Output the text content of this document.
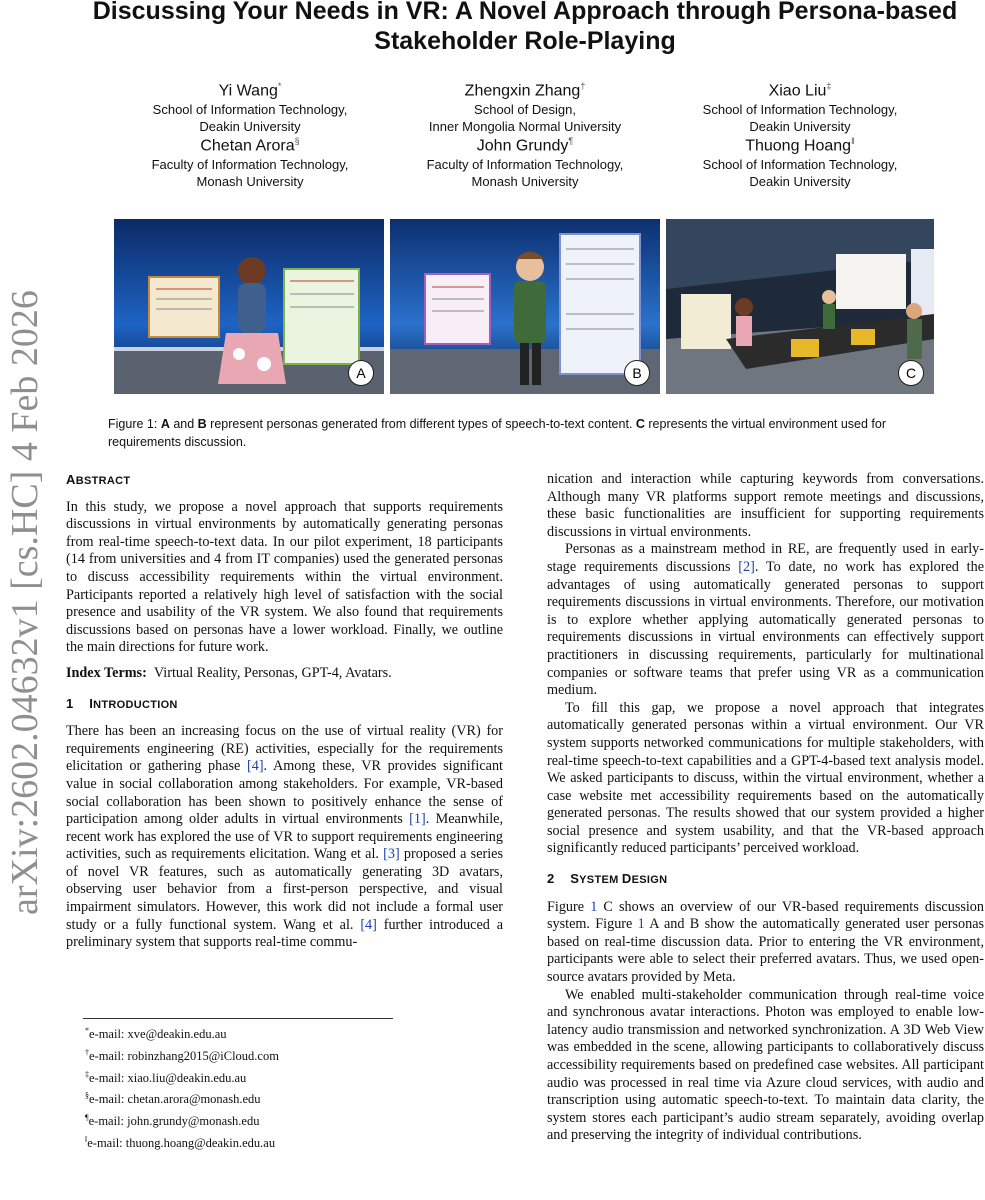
arXiv:2602.04632v1 [cs.HC] 4 Feb 2026
Discussing Your Needs in VR: A Novel Approach through Persona-based
Stakeholder Role-Playing
Yi Wang*
School of Information Technology,
Deakin University
Zhengxin Zhang†
School of Design,
Inner Mongolia Normal University
Xiao Liu‡
School of Information Technology,
Deakin University
Chetan Arora§
Faculty of Information Technology,
Monash University
John Grundy¶
Faculty of Information Technology,
Monash University
Thuong Hoang‖
School of Information Technology,
Deakin University
A	B	C
Figure 1: A and B represent personas generated from different types of speech-to-text content. C represents the virtual environment used for requirements discussion.

ABSTRACT

In this study, we propose a novel approach that supports requirements discussions in virtual environments by automatically generating personas from real-time speech-to-text data. In our pilot experiment, 18 participants (14 from universities and 4 from IT companies) used the generated personas to discuss accessibility requirements within the virtual environment. Participants reported a relatively high level of satisfaction with the social presence and usability of the VR system. We also found that requirements discussions based on personas have a lower workload. Finally, we outline the main directions for future work.

Index Terms: Virtual Reality, Personas, GPT-4, Avatars.

1 INTRODUCTION

There has been an increasing focus on the use of virtual reality (VR) for requirements engineering (RE) activities, especially for the requirements elicitation or gathering phase [4]. Among these, VR provides significant value in social collaboration among stakeholders. For example, VR-based social collaboration has been shown to positively enhance the sense of participation among older adults in virtual environments [1]. Meanwhile, recent work has explored the use of VR to support requirements engineering activities, such as requirements elicitation. Wang et al. [3] proposed a series of novel VR features, such as automatically generating 3D avatars, observing user behavior from a first-person perspective, and visual impairment simulators. However, this work did not include a formal user study or a fully functional system. Wang et al. [4] further introduced a preliminary system that supports real-time commu-

*e-mail: xve@deakin.edu.au
†e-mail: robinzhang2015@iCloud.com
‡e-mail: xiao.liu@deakin.edu.au
§e-mail: chetan.arora@monash.edu
¶e-mail: john.grundy@monash.edu
‖e-mail: thuong.hoang@deakin.edu.au

nication and interaction while capturing keywords from conversations. Although many VR platforms support remote meetings and discussions, these basic functionalities are insufficient for supporting requirements discussions in virtual environments.

Personas as a mainstream method in RE, are frequently used in early-stage requirements discussions [2]. To date, no work has explored the advantages of using automatically generated personas to support requirements discussions in virtual environments. Therefore, our motivation is to explore whether applying automatically generated personas to requirements discussions in virtual environments can effectively support practitioners in discussing requirements, particularly for multinational companies or software teams that prefer using VR as a communication medium.

To fill this gap, we propose a novel approach that integrates automatically generated personas within a virtual environment. Our VR system supports networked communications for multiple stakeholders, with real-time speech-to-text capabilities and a GPT-4-based text analysis model. We asked participants to discuss, within the virtual environment, whether a case website met accessibility requirements based on the automatically generated personas. The results showed that our system provided a higher social presence and system usability, and that the VR-based approach significantly reduced participants’ perceived workload.

2 SYSTEM DESIGN

Figure 1 C shows an overview of our VR-based requirements discussion system. Figure 1 A and B show the automatically generated user personas based on real-time discussion data. Prior to entering the VR environment, participants were able to select their preferred avatars. Thus, we used open-source avatars provided by Meta.

We enabled multi-stakeholder communication through real-time voice and synchronous avatar interactions. Photon was employed to enable low-latency audio transmission and networked synchronization. A 3D Web View was embedded in the scene, allowing participants to collaboratively discuss accessibility requirements based on predefined case websites. All participant audio was processed in real time via Azure cloud services, with audio and transcription using automatic speech-to-text. To maintain data clarity, the system stores each participant’s audio stream separately, avoiding overlap and preserving the integrity of individual contributions.
